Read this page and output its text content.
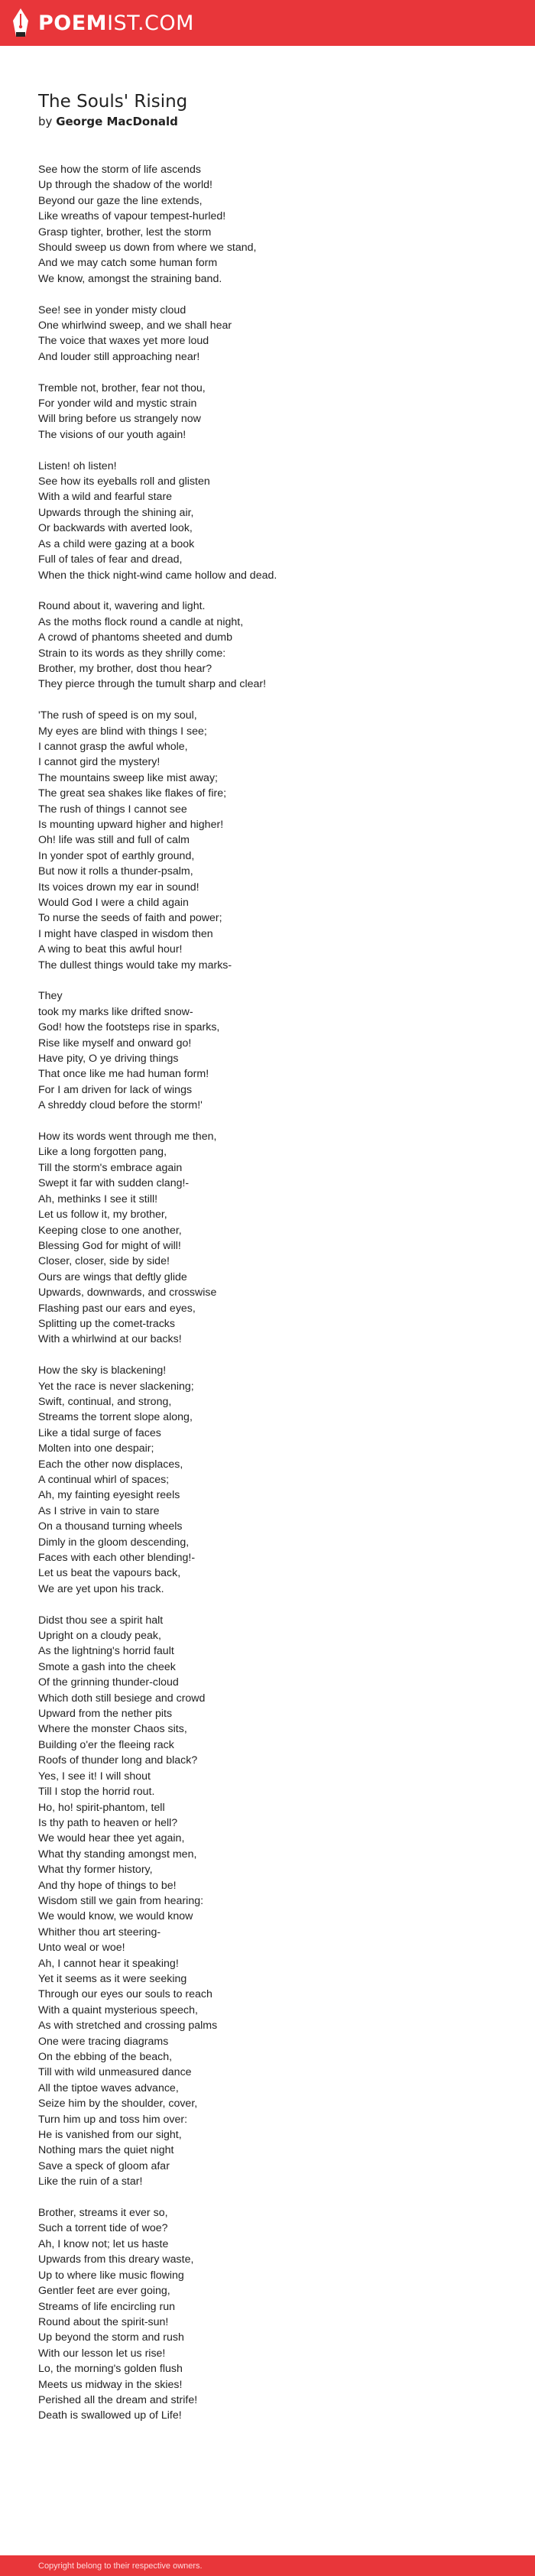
POEMIST.COM
The Souls' Rising
by George MacDonald
See how the storm of life ascends
Up through the shadow of the world!
Beyond our gaze the line extends,
Like wreaths of vapour tempest-hurled!
Grasp tighter, brother, lest the storm
Should sweep us down from where we stand,
And we may catch some human form
We know, amongst the straining band.
See! see in yonder misty cloud
One whirlwind sweep, and we shall hear
The voice that waxes yet more loud
And louder still approaching near!
Tremble not, brother, fear not thou,
For yonder wild and mystic strain
Will bring before us strangely now
The visions of our youth again!
Listen! oh listen!
See how its eyeballs roll and glisten
With a wild and fearful stare
Upwards through the shining air,
Or backwards with averted look,
As a child were gazing at a book
Full of tales of fear and dread,
When the thick night-wind came hollow and dead.
Round about it, wavering and light.
As the moths flock round a candle at night,
A crowd of phantoms sheeted and dumb
Strain to its words as they shrilly come:
Brother, my brother, dost thou hear?
They pierce through the tumult sharp and clear!
'The rush of speed is on my soul,
My eyes are blind with things I see;
I cannot grasp the awful whole,
I cannot gird the mystery!
The mountains sweep like mist away;
The great sea shakes like flakes of fire;
The rush of things I cannot see
Is mounting upward higher and higher!
Oh! life was still and full of calm
In yonder spot of earthly ground,
But now it rolls a thunder-psalm,
Its voices drown my ear in sound!
Would God I were a child again
To nurse the seeds of faith and power;
I might have clasped in wisdom then
A wing to beat this awful hour!
The dullest things would take my marks-
They
took my marks like drifted snow-
God! how the footsteps rise in sparks,
Rise like myself and onward go!
Have pity, O ye driving things
That once like me had human form!
For I am driven for lack of wings
A shreddy cloud before the storm!'
How its words went through me then,
Like a long forgotten pang,
Till the storm's embrace again
Swept it far with sudden clang!-
Ah, methinks I see it still!
Let us follow it, my brother,
Keeping close to one another,
Blessing God for might of will!
Closer, closer, side by side!
Ours are wings that deftly glide
Upwards, downwards, and crosswise
Flashing past our ears and eyes,
Splitting up the comet-tracks
With a whirlwind at our backs!
How the sky is blackening!
Yet the race is never slackening;
Swift, continual, and strong,
Streams the torrent slope along,
Like a tidal surge of faces
Molten into one despair;
Each the other now displaces,
A continual whirl of spaces;
Ah, my fainting eyesight reels
As I strive in vain to stare
On a thousand turning wheels
Dimly in the gloom descending,
Faces with each other blending!-
Let us beat the vapours back,
We are yet upon his track.
Didst thou see a spirit halt
Upright on a cloudy peak,
As the lightning's horrid fault
Smote a gash into the cheek
Of the grinning thunder-cloud
Which doth still besiege and crowd
Upward from the nether pits
Where the monster Chaos sits,
Building o'er the fleeing rack
Roofs of thunder long and black?
Yes, I see it! I will shout
Till I stop the horrid rout.
Ho, ho! spirit-phantom, tell
Is thy path to heaven or hell?
We would hear thee yet again,
What thy standing amongst men,
What thy former history,
And thy hope of things to be!
Wisdom still we gain from hearing:
We would know, we would know
Whither thou art steering-
Unto weal or woe!
Ah, I cannot hear it speaking!
Yet it seems as it were seeking
Through our eyes our souls to reach
With a quaint mysterious speech,
As with stretched and crossing palms
One were tracing diagrams
On the ebbing of the beach,
Till with wild unmeasured dance
All the tiptoe waves advance,
Seize him by the shoulder, cover,
Turn him up and toss him over:
He is vanished from our sight,
Nothing mars the quiet night
Save a speck of gloom afar
Like the ruin of a star!
Brother, streams it ever so,
Such a torrent tide of woe?
Ah, I know not; let us haste
Upwards from this dreary waste,
Up to where like music flowing
Gentler feet are ever going,
Streams of life encircling run
Round about the spirit-sun!
Up beyond the storm and rush
With our lesson let us rise!
Lo, the morning's golden flush
Meets us midway in the skies!
Perished all the dream and strife!
Death is swallowed up of Life!
Copyright belong to their respective owners.
